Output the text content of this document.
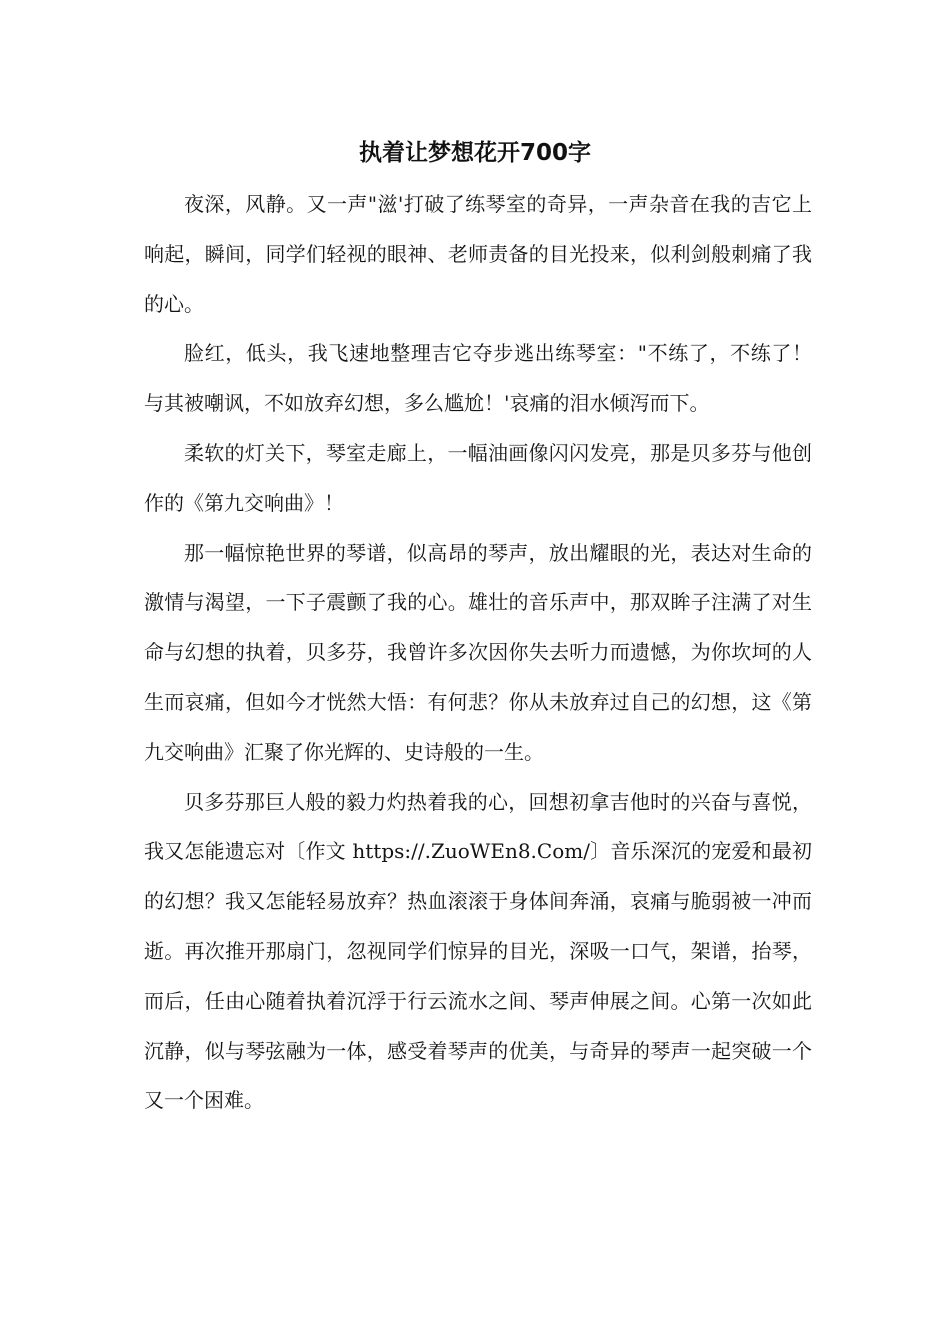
执着让梦想花开700字

夜深，风静。又一声"滋'打破了练琴室的奇异，一声杂音在我的吉它上响起，瞬间，同学们轻视的眼神、老师责备的目光投来，似利剑般刺痛了我的心。

脸红，低头，我飞速地整理吉它夺步逃出练琴室："不练了，不练了！与其被嘲讽，不如放弃幻想，多么尴尬！'哀痛的泪水倾泻而下。

柔软的灯关下，琴室走廊上，一幅油画像闪闪发亮，那是贝多芬与他创作的《第九交响曲》！

那一幅惊艳世界的琴谱，似高昂的琴声，放出耀眼的光，表达对生命的激情与渴望，一下子震颤了我的心。雄壮的音乐声中，那双眸子注满了对生命与幻想的执着，贝多芬，我曾许多次因你失去听力而遗憾，为你坎坷的人生而哀痛，但如今才恍然大悟：有何悲？你从未放弃过自己的幻想，这《第九交响曲》汇聚了你光辉的、史诗般的一生。

贝多芬那巨人般的毅力灼热着我的心，回想初拿吉他时的兴奋与喜悦，我又怎能遗忘对〔作文 https://.ZuoWEn8.Com/〕音乐深沉的宠爱和最初的幻想？我又怎能轻易放弃？热血滚滚于身体间奔涌，哀痛与脆弱被一冲而逝。再次推开那扇门，忽视同学们惊异的目光，深吸一口气，架谱，抬琴，而后，任由心随着执着沉浮于行云流水之间、琴声伸展之间。心第一次如此沉静，似与琴弦融为一体，感受着琴声的优美，与奇异的琴声一起突破一个又一个困难。
